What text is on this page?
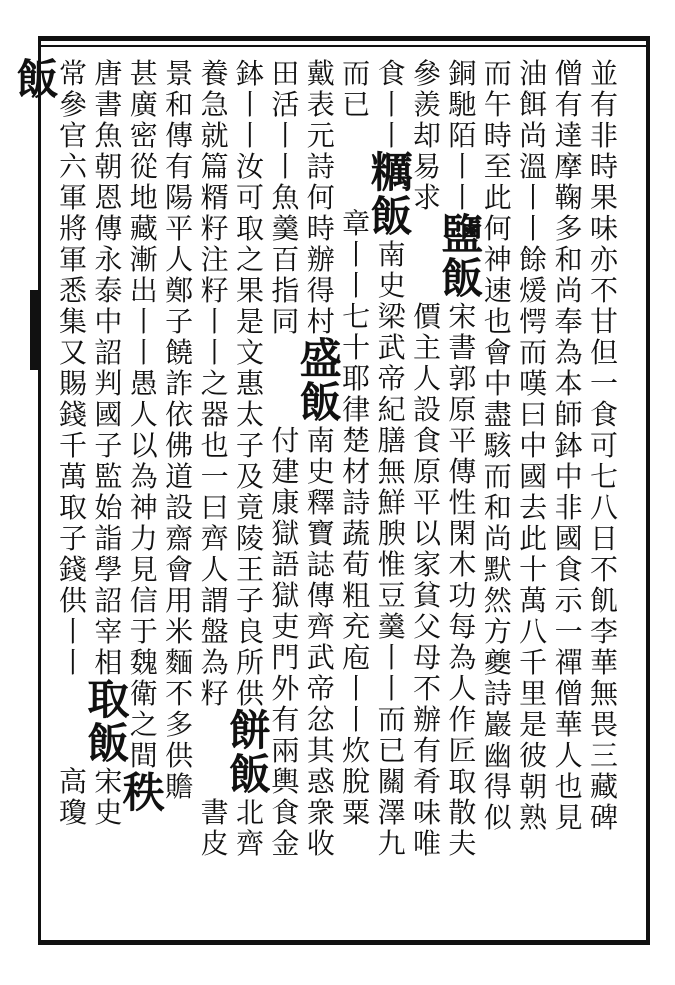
並
有
非
時
果
味
亦
不
甘
但
一
食
可
七
八
日
不
飢
李
華
無
畏
三
藏
碑
僧
有
達
摩
鞠
多
和
尚
奉
為
本
師
鉢
中
非
國
食
示
一
禪
僧
華
人
也
見
油
餌
尚
溫
丨
丨
餘
煖
愕
而
嘆
曰
中
國
去
此
十
萬
八
千
里
是
彼
朝
熟
而
午
時
至
此
何
神
速
也
會
中
盡
駭
而
和
尚
默
然
方
夔
詩
巖
幽
得
似
銅
馳
陌
丨
丨
鹽
飯
宋
書
郭
原
平
傳
性
閑
木
功
每
為
人
作
匠
取
散
夫
參
羨
却
易
求
價
主
人
設
食
原
平
以
家
貧
父
母
不
辦
有
肴
味
唯
食
丨
丨
糲
飯
南
史
梁
武
帝
紀
膳
無
鮮
腴
惟
豆
羹
丨
丨
而
已
關
澤
九
而
已
章
丨
丨
七
十
耶
律
楚
材
詩
蔬
荀
粗
充
庖
丨
丨
炊
脫
粟
戴
表
元
詩
何
時
辦
得
村
盛
飯
南
史
釋
寶
誌
傳
齊
武
帝
忿
其
惑
衆
收
田
活
丨
丨
魚
羹
百
指
同
付
建
康
獄
語
獄
吏
門
外
有
兩
輿
食
金
鉢
丨
丨
汝
可
取
之
果
是
文
惠
太
子
及
竟
陵
王
子
良
所
供
餅
飯
北
齊
養
急
就
篇
糈
籽
注
籽
丨
丨
之
器
也
一
曰
齊
人
謂
盤
為
籽
書
皮
景
和
傳
有
陽
平
人
鄭
子
饒
詐
依
佛
道
設
齋
會
用
米
麵
不
多
供
贍
甚
廣
密
從
地
藏
漸
出
丨
丨
愚
人
以
為
神
力
見
信
于
魏
衛
之
間
秩
唐
書
魚
朝
恩
傳
永
泰
中
詔
判
國
子
監
始
詣
學
詔
宰
相
取
飯
宋
史
常
參
官
六
軍
將
軍
悉
集
又
賜
錢
千
萬
取
子
錢
供
丨
丨
高
瓊
飯
